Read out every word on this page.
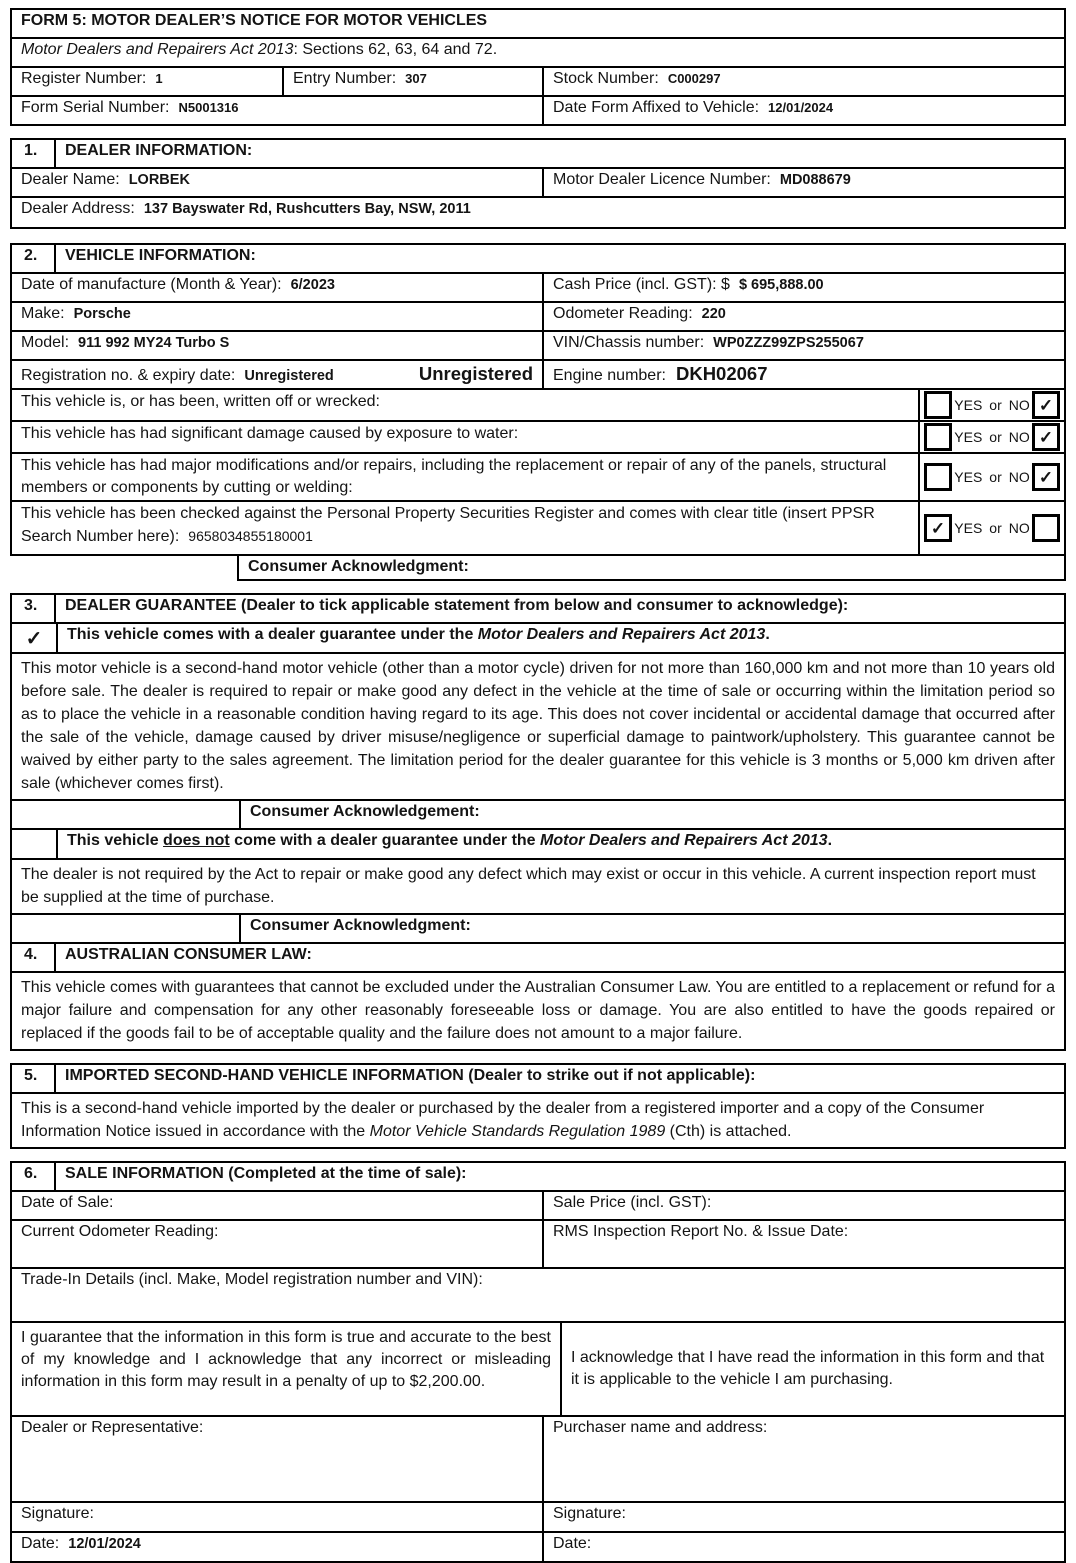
FORM 5: MOTOR DEALER’S NOTICE FOR MOTOR VEHICLES
Motor Dealers and Repairers Act 2013: Sections 62, 63, 64 and 72.
Register Number: 1	Entry Number: 307	Stock Number: C000297
Form Serial Number: N5001316	Date Form Affixed to Vehicle: 12/01/2024
1.	DEALER INFORMATION:
Dealer Name: LORBEK	Motor Dealer Licence Number: MD088679
Dealer Address: 137 Bayswater Rd, Rushcutters Bay, NSW, 2011
2.	VEHICLE INFORMATION:
Date of manufacture (Month & Year): 6/2023	Cash Price (incl. GST): $ $ 695,888.00
Make: Porsche	Odometer Reading: 220
Model: 911 992 MY24 Turbo S	VIN/Chassis number: WP0ZZZ99ZPS255067
Registration no. & expiry date: Unregistered	Unregistered	Engine number: DKH02067
This vehicle is, or has been, written off or wrecked:	YES or NO ✓
This vehicle has had significant damage caused by exposure to water:	YES or NO ✓
This vehicle has had major modifications and/or repairs, including the replacement or repair of any of the panels, structural members or components by cutting or welding:
YES or NO ✓
This vehicle has been checked against the Personal Property Securities Register and comes with clear title (insert PPSR Search Number here): 9658034855180001	✓ YES or NO
Consumer Acknowledgment:
3.	DEALER GUARANTEE (Dealer to tick applicable statement from below and consumer to acknowledge):
✓	This vehicle comes with a dealer guarantee under the Motor Dealers and Repairers Act 2013.
This motor vehicle is a second-hand motor vehicle (other than a motor cycle) driven for not more than 160,000 km and not more than 10 years old before sale. The dealer is required to repair or make good any defect in the vehicle at the time of sale or occurring within the limitation period so as to place the vehicle in a reasonable condition having regard to its age. This does not cover incidental or accidental damage that occurred after the sale of the vehicle, damage caused by driver misuse/negligence or superficial damage to paintwork/upholstery. This guarantee cannot be waived by either party to the sales agreement. The limitation period for the dealer guarantee for this vehicle is 3 months or 5,000 km driven after sale (whichever comes first).
Consumer Acknowledgement:
This vehicle does not come with a dealer guarantee under the Motor Dealers and Repairers Act 2013.
The dealer is not required by the Act to repair or make good any defect which may exist or occur in this vehicle. A current inspection report must be supplied at the time of purchase.
Consumer Acknowledgment:
4.	AUSTRALIAN CONSUMER LAW:
This vehicle comes with guarantees that cannot be excluded under the Australian Consumer Law. You are entitled to a replacement or refund for a major failure and compensation for any other reasonably foreseeable loss or damage. You are also entitled to have the goods repaired or replaced if the goods fail to be of acceptable quality and the failure does not amount to a major failure.
5.	IMPORTED SECOND-HAND VEHICLE INFORMATION (Dealer to strike out if not applicable):
This is a second-hand vehicle imported by the dealer or purchased by the dealer from a registered importer and a copy of the Consumer Information Notice issued in accordance with the Motor Vehicle Standards Regulation 1989 (Cth) is attached.
6.	SALE INFORMATION (Completed at the time of sale):
Date of Sale:	Sale Price (incl. GST):
Current Odometer Reading:	RMS Inspection Report No. & Issue Date:
Trade-In Details (incl. Make, Model registration number and VIN):
I guarantee that the information in this form is true and accurate to the best of my knowledge and I acknowledge that any incorrect or misleading information in this form may result in a penalty of up to $2,200.00.
I acknowledge that I have read the information in this form and that it is applicable to the vehicle I am purchasing.
Dealer or Representative:	Purchaser name and address:
Signature:	Signature:
Date: 12/01/2024	Date:
